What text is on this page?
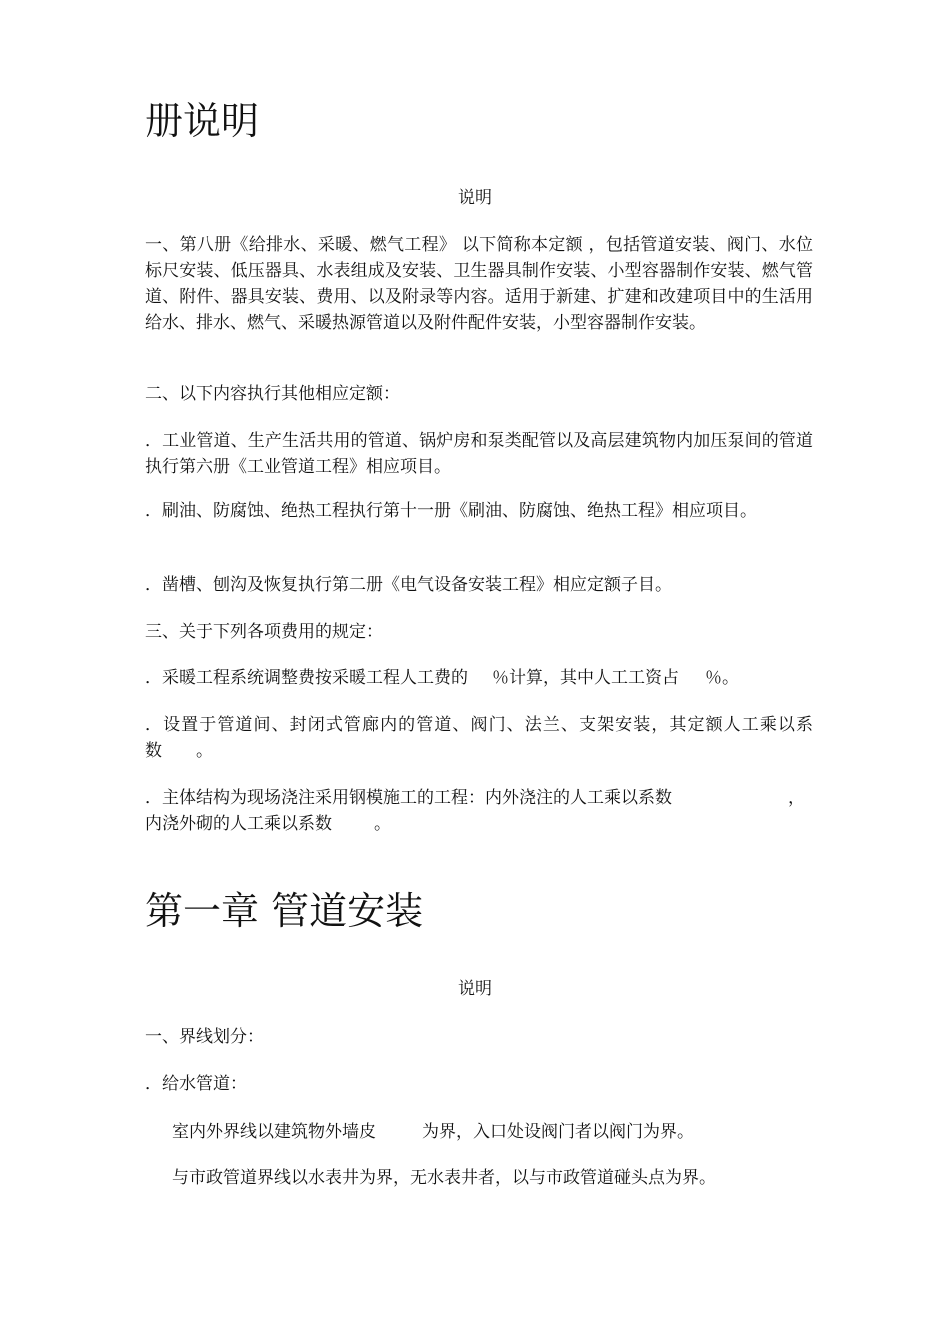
册说明

说明

一、第八册《给排水、采暖、燃气工程》 以下简称本定额 ，包括管道安装、阀门、水位标尺安装、低压器具、水表组成及安装、卫生器具制作安装、小型容器制作安装、燃气管道、附件、器具安装、费用、以及附录等内容。适用于新建、扩建和改建项目中的生活用给水、排水、燃气、采暖热源管道以及附件配件安装，小型容器制作安装。

二、以下内容执行其他相应定额：

．工业管道、生产生活共用的管道、锅炉房和泵类配管以及高层建筑物内加压泵间的管道执行第六册《工业管道工程》相应项目。

．刷油、防腐蚀、绝热工程执行第十一册《刷油、防腐蚀、绝热工程》相应项目。

．凿槽、刨沟及恢复执行第二册《电气设备安装工程》相应定额子目。

三、关于下列各项费用的规定：

．采暖工程系统调整费按采暖工程人工费的 ％计算，其中人工工资占 ％。

．设置于管道间、封闭式管廊内的管道、阀门、法兰、支架安装，其定额人工乘以系数　　。

．主体结构为现场浇注采用钢模施工的工程：内外浇注的人工乘以系数	，
内浇外砌的人工乘以系数 。
第一章 管道安装

说明

一、界线划分：

．给水管道：

室内外界线以建筑物外墙皮	为界，入口处设阀门者以阀门为界。

与市政管道界线以水表井为界，无水表井者，以与市政管道碰头点为界。
